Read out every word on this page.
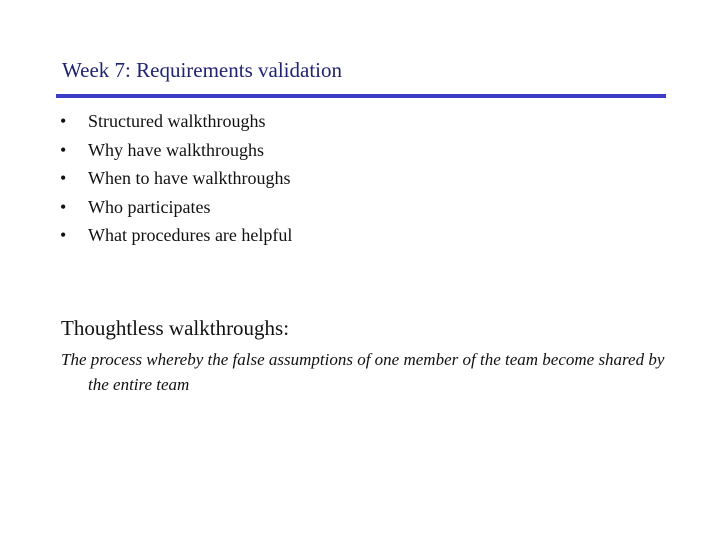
Week 7: Requirements validation
•	Structured walkthroughs
•	Why have walkthroughs
•	When to have walkthroughs
•	Who participates
•	What procedures are helpful
Thoughtless walkthroughs:
The process whereby the false assumptions of one member of the team become shared by the entire team
